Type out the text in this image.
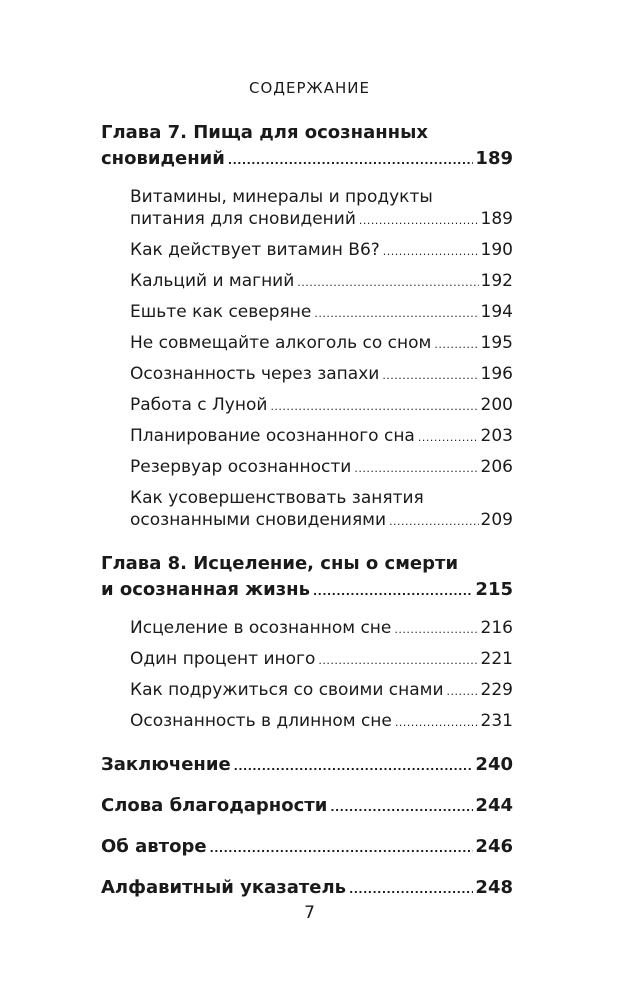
СОДЕРЖАНИЕ
Глава 7. Пища для осознанных
сновидений .....	189
Витамины, минералы и продукты
питания для сновидений .....	189
Как действует витамин B6? .....	190
Кальций и магний .....	192
Ешьте как северяне .....	194
Не совмещайте алкоголь со сном .....	195
Осознанность через запахи .....	196
Работа с Луной .....	200
Планирование осознанного сна .....	203
Резервуар осознанности .....	206
Как усовершенствовать занятия
осознанными сновидениями .....	209
Глава 8. Исцеление, сны о смерти
и осознанная жизнь .....	215
Исцеление в осознанном сне .....	216
Один процент иного .....	221
Как подружиться со своими снами ..... 229
Осознанность в длинном сне .....	231
Заключение .....	240
Слова благодарности .....	244
Об авторе .....	246
Алфавитный указатель .....	248
7
